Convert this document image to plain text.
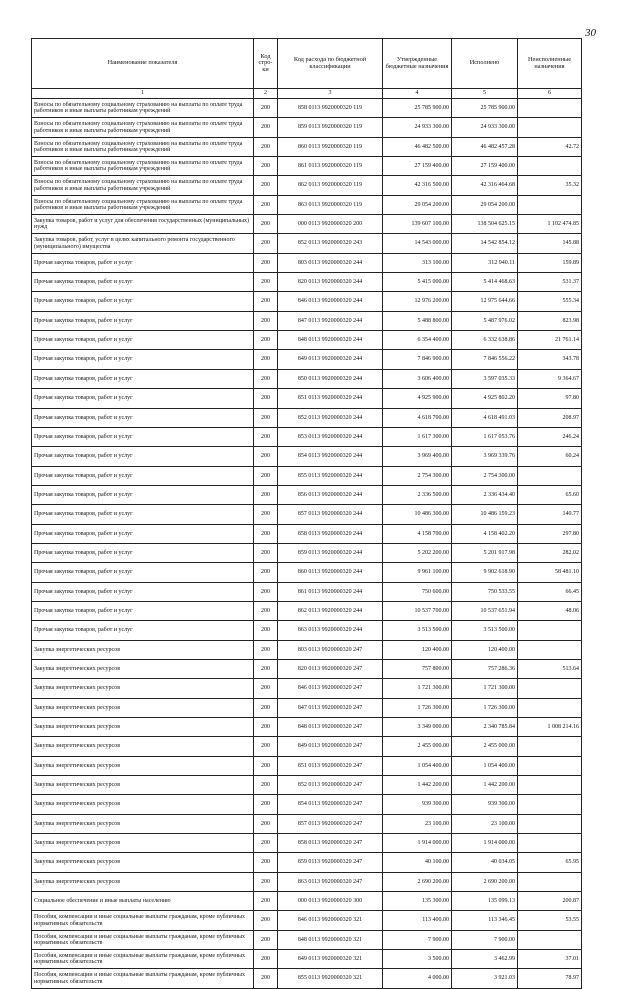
30
Наименование показателя	Код стро-ки	Код расхода по бюджетной классификации	Утвержденные бюджетные назначения	Исполнено	Неисполненные назначения
1	2	3	4	5	6
Взносы по обязательному социальному страхованию на выплаты по оплате труда работников и иные выплаты работникам учреждений	200	858 0113 9920000320 119	25 785 900.00	25 785 900.00	
Взносы по обязательному социальному страхованию на выплаты по оплате труда работников и иные выплаты работникам учреждений	200	859 0113 9920000320 119	24 933 300.00	24 933 300.00	
Взносы по обязательному социальному страхованию на выплаты по оплате труда работников и иные выплаты работникам учреждений	200	860 0113 9920000320 119	46 482 500.00	46 482 457.28	42.72
Взносы по обязательному социальному страхованию на выплаты по оплате труда работников и иные выплаты работникам учреждений	200	861 0113 9920000320 119	27 159 400.00	27 159 400.00	
Взносы по обязательному социальному страхованию на выплаты по оплате труда работников и иные выплаты работникам учреждений	200	862 0113 9920000320 119	42 316 500.00	42 316 464.68	35.32
Взносы по обязательному социальному страхованию на выплаты по оплате труда работников и иные выплаты работникам учреждений	200	863 0113 9920000320 119	29 054 200.00	29 054 200.00	
Закупка товаров, работ и услуг для обеспечения государственных (муниципальных) нужд	200	000 0113 9920000320 200	139 607 100.00	138 504 625.15	1 102 474.85
Закупка товаров, работ, услуг в целях капитального ремонта государственного (муниципального) имущества	200	852 0113 9920000320 243	14 543 000.00	14 542 854.12	145.88
Прочая закупка товаров, работ и услуг	200	803 0113 9920000320 244	313 100.00	312 940.11	159.89
Прочая закупка товаров, работ и услуг	200	820 0113 9920000320 244	5 415 000.00	5 414 468.63	531.37
Прочая закупка товаров, работ и услуг	200	846 0113 9920000320 244	12 976 200.00	12 975 644.66	555.34
Прочая закупка товаров, работ и услуг	200	847 0113 9920000320 244	5 488 800.00	5 487 976.02	823.98
Прочая закупка товаров, работ и услуг	200	848 0113 9920000320 244	6 354 400.00	6 332 638.86	21 761.14
Прочая закупка товаров, работ и услуг	200	849 0113 9920000320 244	7 846 900.00	7 846 556.22	343.78
Прочая закупка товаров, работ и услуг	200	850 0113 9920000320 244	3 606 400.00	3 597 035.33	9 364.67
Прочая закупка товаров, работ и услуг	200	851 0113 9920000320 244	4 925 900.00	4 925 802.20	97.80
Прочая закупка товаров, работ и услуг	200	852 0113 9920000320 244	4 618 700.00	4 618 491.03	208.97
Прочая закупка товаров, работ и услуг	200	853 0113 9920000320 244	1 617 300.00	1 617 053.76	246.24
Прочая закупка товаров, работ и услуг	200	854 0113 9920000320 244	3 969 400.00	3 969 339.76	60.24
Прочая закупка товаров, работ и услуг	200	855 0113 9920000320 244	2 754 300.00	2 754 300.00	
Прочая закупка товаров, работ и услуг	200	856 0113 9920000320 244	2 336 500.00	2 336 434.40	65.60
Прочая закупка товаров, работ и услуг	200	857 0113 9920000320 244	10 486 300.00	10 486 159.23	140.77
Прочая закупка товаров, работ и услуг	200	858 0113 9920000320 244	4 158 700.00	4 158 402.20	297.80
Прочая закупка товаров, работ и услуг	200	859 0113 9920000320 244	5 202 200.00	5 201 917.98	282.02
Прочая закупка товаров, работ и услуг	200	860 0113 9920000320 244	9 961 100.00	9 902 618.90	58 481.10
Прочая закупка товаров, работ и услуг	200	861 0113 9920000320 244	750 600.00	750 533.55	66.45
Прочая закупка товаров, работ и услуг	200	862 0113 9920000320 244	10 537 700.00	10 537 651.94	48.06
Прочая закупка товаров, работ и услуг	200	863 0113 9920000320 244	3 513 500.00	3 513 500.00	
Закупка энергетических ресурсов	200	803 0113 9920000320 247	120 400.00	120 400.00	
Закупка энергетических ресурсов	200	820 0113 9920000320 247	757 800.00	757 286.36	513.64
Закупка энергетических ресурсов	200	846 0113 9920000320 247	1 721 300.00	1 721 300.00	
Закупка энергетических ресурсов	200	847 0113 9920000320 247	1 726 300.00	1 726 300.00	
Закупка энергетических ресурсов	200	848 0113 9920000320 247	3 349 000.00	2 340 785.84	1 008 214.16
Закупка энергетических ресурсов	200	849 0113 9920000320 247	2 455 000.00	2 455 000.00	
Закупка энергетических ресурсов	200	851 0113 9920000320 247	1 054 400.00	1 054 400.00	
Закупка энергетических ресурсов	200	852 0113 9920000320 247	1 442 200.00	1 442 200.00	
Закупка энергетических ресурсов	200	854 0113 9920000320 247	939 300.00	939 300.00	
Закупка энергетических ресурсов	200	857 0113 9920000320 247	23 100.00	23 100.00	
Закупка энергетических ресурсов	200	858 0113 9920000320 247	1 914 000.00	1 914 000.00	
Закупка энергетических ресурсов	200	859 0113 9920000320 247	40 100.00	40 034.05	65.95
Закупка энергетических ресурсов	200	863 0113 9920000320 247	2 690 200.00	2 690 200.00	
Социальное обеспечение и иные выплаты населению	200	000 0113 9920000320 300	135 300.00	135 099.13	200.87
Пособия, компенсации и иные социальные выплаты гражданам, кроме публичных нормативных обязательств	200	846 0113 9920000320 321	113 400.00	113 346.45	53.55
Пособия, компенсации и иные социальные выплаты гражданам, кроме публичных нормативных обязательств	200	848 0113 9920000320 321	7 900.00	7 900.00	
Пособия, компенсации и иные социальные выплаты гражданам, кроме публичных нормативных обязательств	200	849 0113 9920000320 321	3 500.00	3 462.99	37.01
Пособия, компенсации и иные социальные выплаты гражданам, кроме публичных нормативных обязательств	200	855 0113 9920000320 321	4 000.00	3 921.03	78.97
